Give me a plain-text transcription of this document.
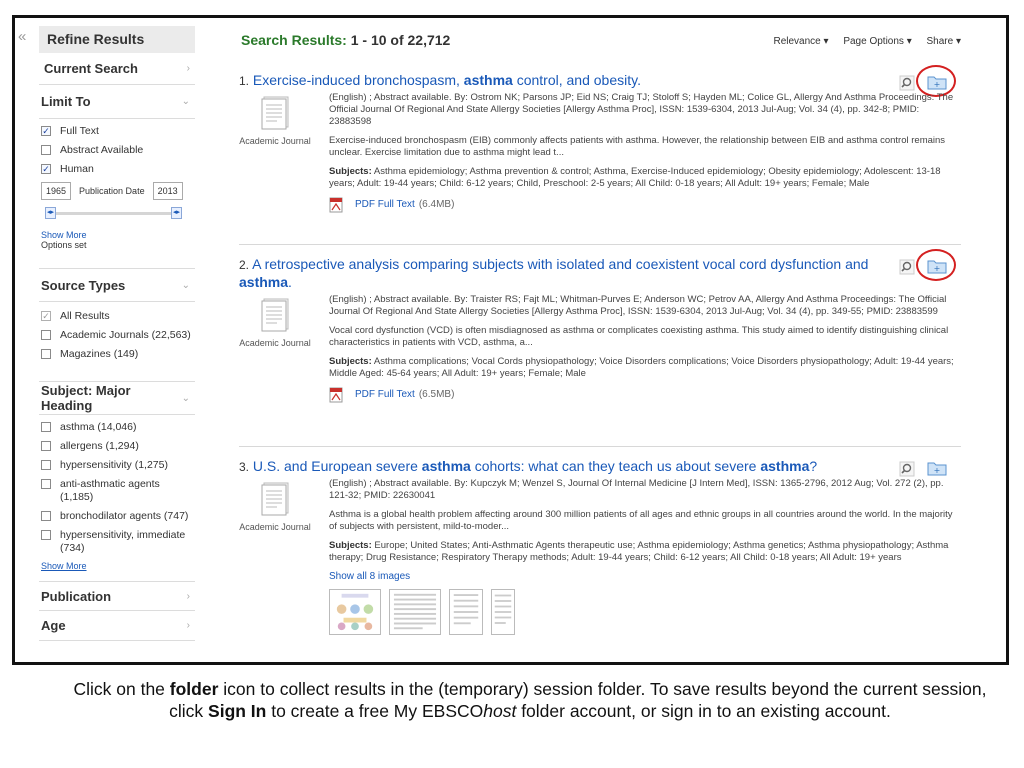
«	Refine Results
Current Search	›
Limit To	⌄
✓ Full Text
Abstract Available
✓ Human
1965	Publication Date	2013
◂▸	◂▸
Show More
Options set
Source Types	⌄
✓ All Results
Academic Journals (22,563)
Magazines (149)
Subject: Major Heading	⌄
asthma (14,046)
allergens (1,294)
hypersensitivity (1,275)
anti-asthmatic agents (1,185)
bronchodilator agents (747)
hypersensitivity, immediate (734)
Show More
Publication	›
Age	›
Search Results: 1 - 10 of 22,712	Relevance ▾ Page Options ▾ Share ▾
1. Exercise-induced bronchospasm, asthma control, and obesity.	+
Academic Journal

(English) ; Abstract available. By: Ostrom NK; Parsons JP; Eid NS; Craig TJ; Stoloff S; Hayden ML; Colice GL, Allergy And Asthma Proceedings: The Official Journal Of Regional And State Allergy Societies [Allergy Asthma Proc], ISSN: 1539-6304, 2013 Jul-Aug; Vol. 34 (4), pp. 342-8; PMID: 23883598

Exercise-induced bronchospasm (EIB) commonly affects patients with asthma. However, the relationship between EIB and asthma control remains unclear. Exercise limitation due to asthma might lead t...

Subjects: Asthma epidemiology; Asthma prevention & control; Asthma, Exercise-Induced epidemiology; Obesity epidemiology; Adolescent: 13-18 years; Adult: 19-44 years; Child: 6-12 years; Child, Preschool: 2-5 years; All Child: 0-18 years; All Adult: 19+ years; Female; Male

PDF Full Text (6.4MB)
2. A retrospective analysis comparing subjects with isolated and coexistent vocal cord dysfunction and asthma.
+
Academic Journal

(English) ; Abstract available. By: Traister RS; Fajt ML; Whitman-Purves E; Anderson WC; Petrov AA, Allergy And Asthma Proceedings: The Official Journal Of Regional And State Allergy Societies [Allergy Asthma Proc], ISSN: 1539-6304, 2013 Jul-Aug; Vol. 34 (4), pp. 349-55; PMID: 23883599

Vocal cord dysfunction (VCD) is often misdiagnosed as asthma or complicates coexisting asthma. This study aimed to identify distinguishing clinical characteristics in patients with VCD, asthma, a...

Subjects: Asthma complications; Vocal Cords physiopathology; Voice Disorders complications; Voice Disorders physiopathology; Adult: 19-44 years; Middle Aged: 45-64 years; All Adult: 19+ years; Female; Male

PDF Full Text (6.5MB)
3. U.S. and European severe asthma cohorts: what can they teach us about severe asthma?	+
Academic Journal

(English) ; Abstract available. By: Kupczyk M; Wenzel S, Journal Of Internal Medicine [J Intern Med], ISSN: 1365-2796, 2012 Aug; Vol. 272 (2), pp. 121-32; PMID: 22630041

Asthma is a global health problem affecting around 300 million patients of all ages and ethnic groups in all countries around the world. In the majority of subjects with persistent, mild-to-moder...

Subjects: Europe; United States; Anti-Asthmatic Agents therapeutic use; Asthma epidemiology; Asthma genetics; Asthma physiopathology; Asthma therapy; Drug Resistance; Respiratory Therapy methods; Adult: 19-44 years; Child: 6-12 years; All Child: 0-18 years; All Adult: 19+ years

Show all 8 images
Click on the folder icon to collect results in the (temporary) session folder. To save results beyond the current session, click Sign In to create a free My EBSCOhost folder account, or sign in to an existing account.
